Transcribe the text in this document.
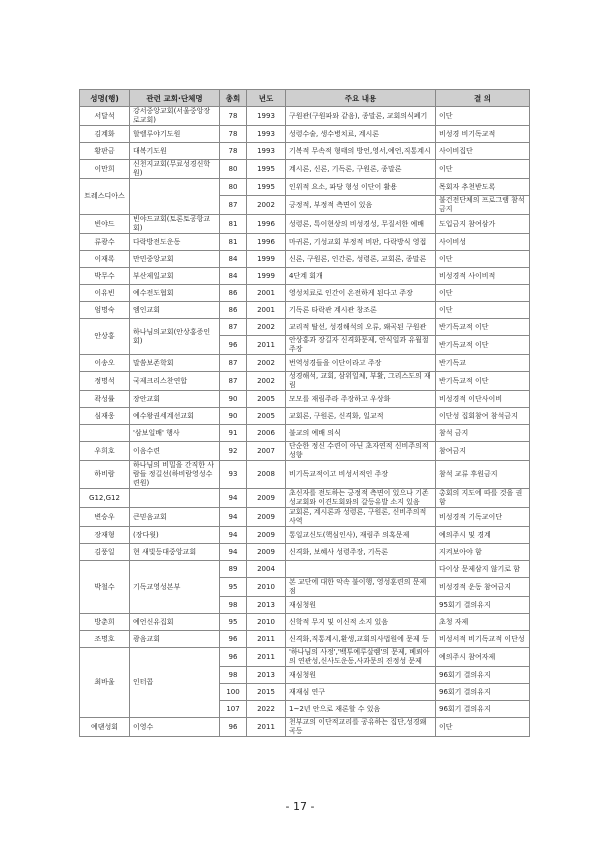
성명(행)	관련 교회·단체명	총회	년도	주요 내용	결 의
서달석	강서중앙교회(서울중앙장로교회)	78	1993	구원관(구원파와 같음), 종말론, 교회의식폐기	이단
김계화	할렐루야기도원	78	1993	성령수술, 생수병치료, 계시론	비성경 비기독교적
황판금	대복기도원	78	1993	기복적 무속적 형태의 방언,영서,예언,직통계시	사이비집단
이만희	신천지교회(무료성경신학원)	80	1995	계시론, 신론, 기독론, 구원론, 종말론	이단
트레스디아스		80	1995	인위적 요소, 파당 형성 이단이 활용	목회자 추천받도록
		87	2002	긍정적, 부정적 측면이 있음	불건전단체의 프로그램 참석금지
빈야드	빈야드교회(토론토공항교회)	81	1996	성령론, 특이현상의 비성경성, 무질서한 예배	도입금지 참여삼가
류광수	다락방전도운동	81	1996	마귀론, 기성교회 부정적 비판, 다락방식 영접	사이비성
이재록	만민중앙교회	84	1999	신론, 구원론, 인간론, 성령론, 교회론, 종말론	이단
박무수	부산제일교회	84	1999	4단계 회개	비성경적 사이비적
이유빈	예수전도협회	86	2001	영성치료로 인간이 온전하게 된다고 주장	이단
엄명숙	엠인교회	86	2001	기독론 타락관 계시관 창조론	이단
안상홍	하나님의교회(안상홍증인회)	87	2002	교리적 탈선, 성경해석의 오류, 왜곡된 구원관	반기독교적 이단
		96	2011	안상홍과 장길자 신격화문제, 안식일과 유월절 주장	반기독교적 이단
이송오	말씀보존학회	87	2002	번역성경들을 이단이라고 주장	반기독교
정명석	국제크리스찬연합	87	2002	성경해석, 교회, 삼위일체, 부활, 그리스도의 재림	반기독교적 이단
곽성률	장안교회	90	2005	모모를 재림주라 주장하고 우상화	비성경적 이단사이비
심재웅	예수왕권세계선교회	90	2005	교회론, 구원론, 신격화, 일교적	이단성 집회참여 참석금지
	'삼보일배' 행사	91	2006	불교의 예배 의식	참석 금지
우희호	이음수련	92	2007	단순한 정신 수련이 아닌 초자연적 신비주의적 성향	참여금지
하비람	하나님의 비밀을 간직한 사람들 정길선(하비람영성수련원)	93	2008	비기독교적이고 비성서적인 주장	참석 교류 후원금지
G12,G12		94	2009	초신자를 전도하는 긍정적 측면이 있으나 기존 성교회와 이견도회와의 갈등유발 소지 있음	총회의 지도에 따를 것을 권함
변승우	큰믿음교회	94	2009	교회론, 계시론과 성령론, 구원론, 신비주의적 사역	비성경적 기독교이단
장재형	(장다윗)	94	2009	통일교신도(핵심인사), 재림주 의혹문제	예의주시 및 경계
김풍일	현 새빛등대중앙교회	94	2009	신격화, 보혜사 성령주장, 기독론	지켜보아야 함
박철수	기독교영성본부	89	2004		다이상 문제삼지 않기로 함
		95	2010	본 교단에 대한 악속 불이행, 영성훈련의 문제점	비성경적 운동 참여금지
		98	2013	재심청원	95회기 결의유지
방춘희	예언신유집회	95	2010	신학적 무지 및 이신적 소지 있음	초청 자제
조명호	광음교회	96	2011	신격화,직통계시,환생,교회의사법원에 문제 등	비성서적 비기독교적 이단성
최바울	인터콥	96	2011	'하나님의 사정','백투예루살렘'의 문제, 베뢰아의 연관성,신사도운동,사과문의 진정성 문제	예의주시 참여자제
		98	2013	재심청원	96회기 결의유지
		100	2015	재재심 연구	96회기 결의유지
		107	2022	1~2년 안으로 재론할 수 있음	96회기 결의유지
예댄성회	이영수	96	2011	천부교의 이단적교리를 공유하는 집단,성경왜곡등	이단
- 17 -
